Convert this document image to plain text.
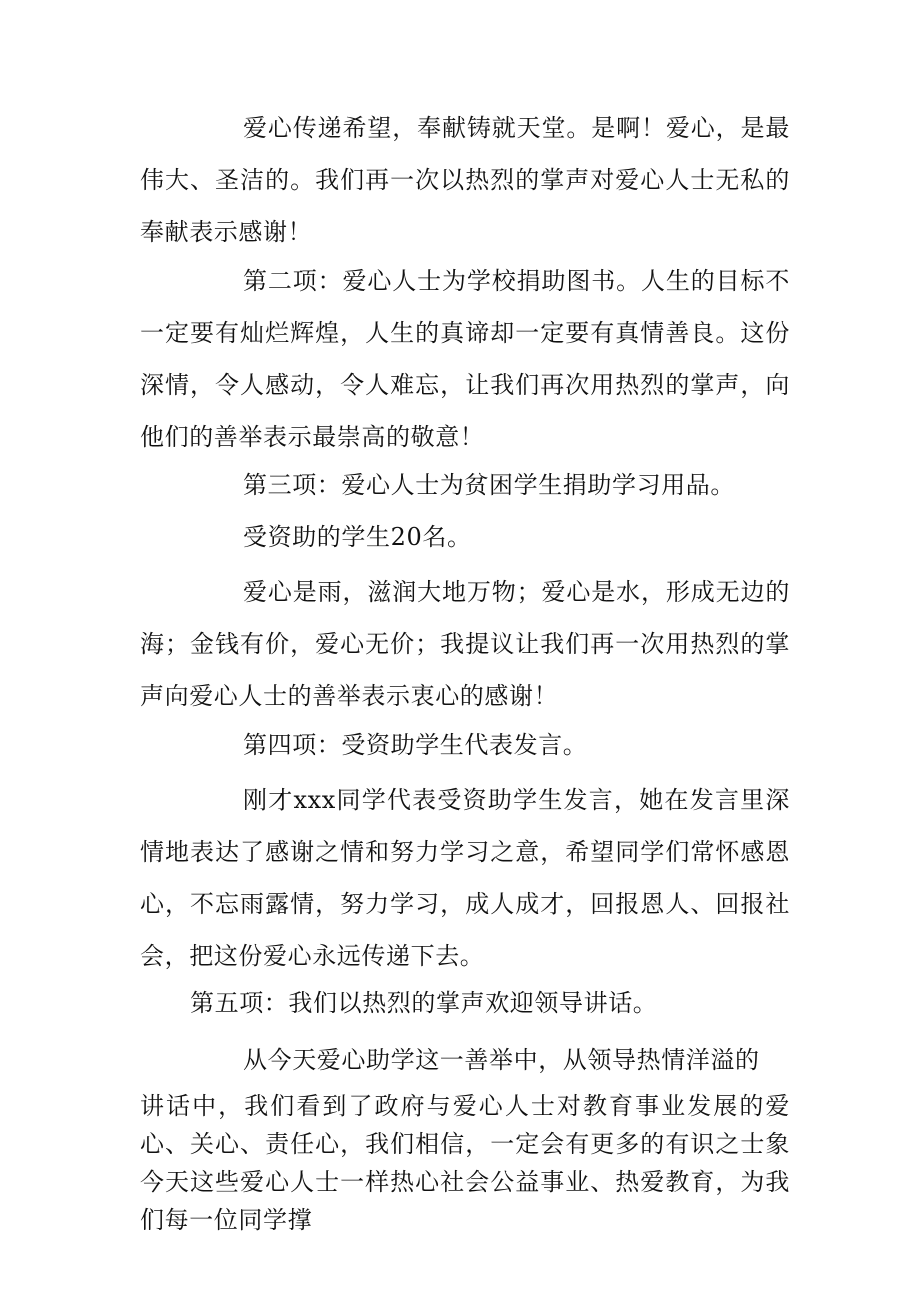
爱心传递希望，奉献铸就天堂。是啊！爱心，是最伟大、圣洁的。我们再一次以热烈的掌声对爱心人士无私的奉献表示感谢！

第二项：爱心人士为学校捐助图书。人生的目标不一定要有灿烂辉煌，人生的真谛却一定要有真情善良。这份深情，令人感动，令人难忘，让我们再次用热烈的掌声，向他们的善举表示最崇高的敬意！

第三项：爱心人士为贫困学生捐助学习用品。

受资助的学生20名。

爱心是雨，滋润大地万物；爱心是水，形成无边的海；金钱有价，爱心无价；我提议让我们再一次用热烈的掌声向爱心人士的善举表示衷心的感谢！

第四项：受资助学生代表发言。

刚才xxx同学代表受资助学生发言，她在发言里深情地表达了感谢之情和努力学习之意，希望同学们常怀感恩心，不忘雨露情，努力学习，成人成才，回报恩人、回报社会，把这份爱心永远传递下去。

第五项：我们以热烈的掌声欢迎领导讲话。

从今天爱心助学这一善举中，从领导热情洋溢的

讲话中，我们看到了政府与爱心人士对教育事业发展的爱心、关心、责任心，我们相信，一定会有更多的有识之士象今天这些爱心人士一样热心社会公益事业、热爱教育，为我们每一位同学撑
